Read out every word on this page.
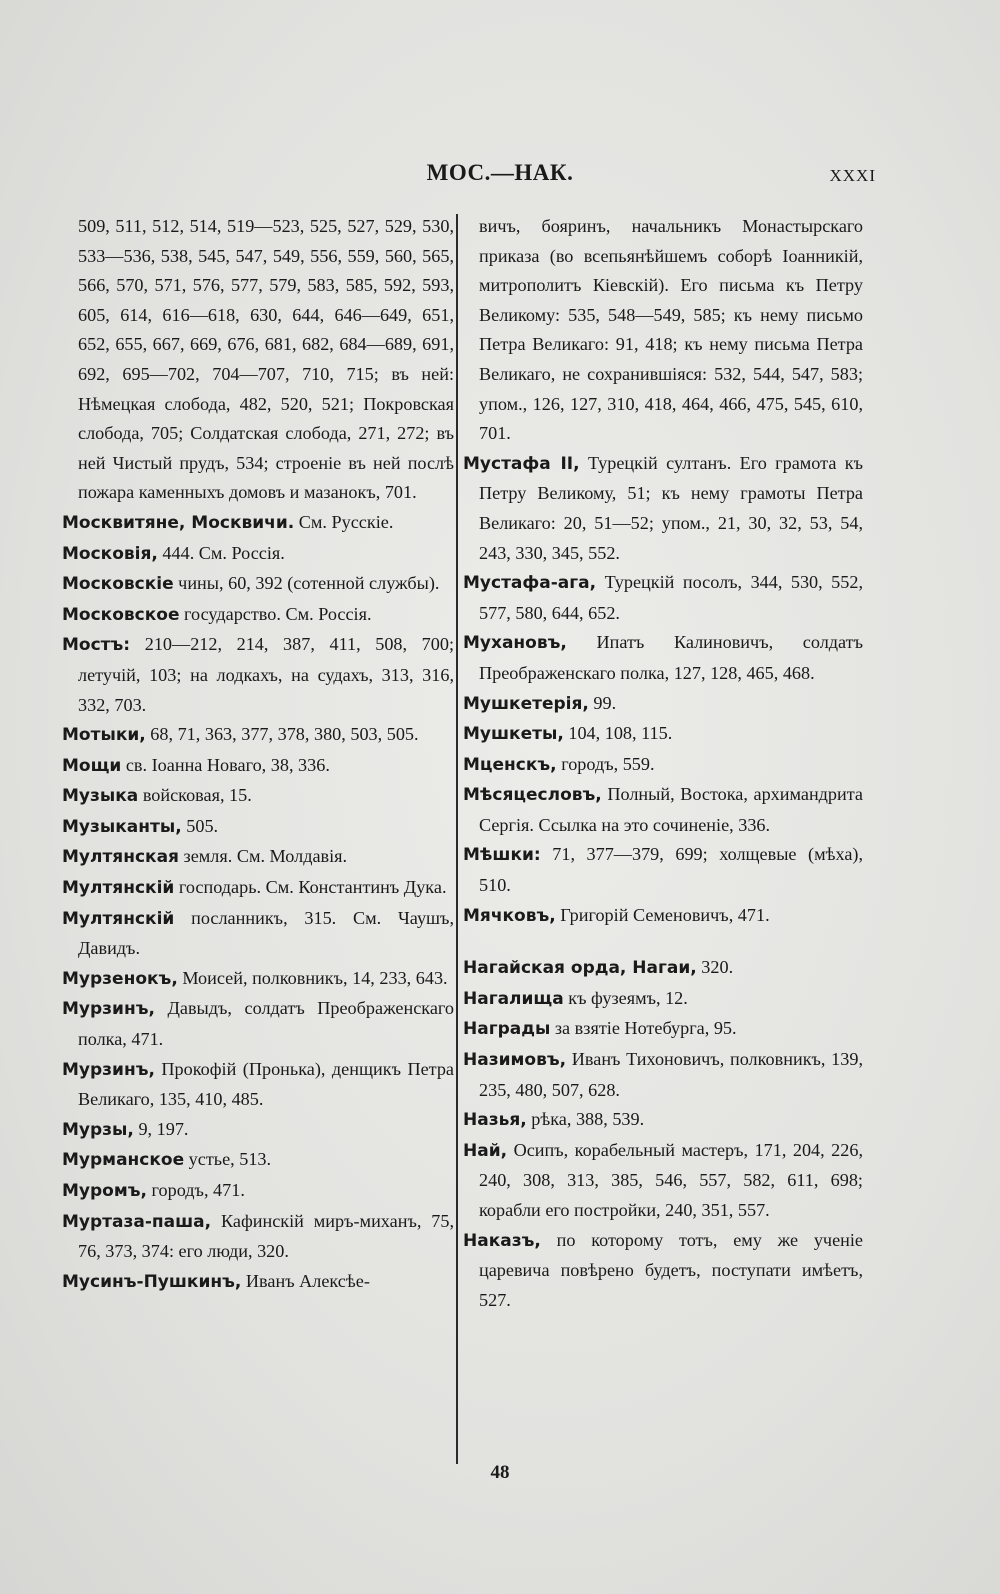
МОС.—НАК.	XXXI
509, 511, 512, 514, 519—523, 525, 527, 529, 530, 533—536, 538, 545, 547, 549, 556, 559, 560, 565, 566, 570, 571, 576, 577, 579, 583, 585, 592, 593, 605, 614, 616—618, 630, 644, 646—649, 651, 652, 655, 667, 669, 676, 681, 682, 684—689, 691, 692, 695—702, 704—707, 710, 715; въ ней: Нѣмецкая слобода, 482, 520, 521; Покровская слобода, 705; Солдатская слобода, 271, 272; въ ней Чистый прудъ, 534; строеніе въ ней послѣ пожара каменныхъ домовъ и мазанокъ, 701.
Москвитяне, Москвичи. См. Русскіе.
Московія, 444. См. Россія.
Московскіе чины, 60, 392 (сотенной службы).
Московское государство. См. Россія.
Мостъ: 210—212, 214, 387, 411, 508, 700; летучій, 103; на лодкахъ, на судахъ, 313, 316, 332, 703.
Мотыки, 68, 71, 363, 377, 378, 380, 503, 505.
Мощи св. Іоанна Новаго, 38, 336.
Музыка войсковая, 15.
Музыканты, 505.
Мултянская земля. См. Молдавія.
Мултянскій господарь. См. Константинъ Дука.
Мултянскій посланникъ, 315. См. Чаушъ, Давидъ.
Мурзенокъ, Моисей, полковникъ, 14, 233, 643.
Мурзинъ, Давыдъ, солдатъ Преображенскаго полка, 471.
Мурзинъ, Прокофій (Пронька), денщикъ Петра Великаго, 135, 410, 485.
Мурзы, 9, 197.
Мурманское устье, 513.
Муромъ, городъ, 471.
Муртаза-паша, Кафинскій миръ-миханъ, 75, 76, 373, 374: его люди, 320.
Мусинъ-Пушкинъ, Иванъ Алексѣе-
вичъ, бояринъ, начальникъ Монастырскаго приказа (во всепьянѣйшемъ соборѣ Іоанникій, митрополитъ Кіевскій). Его письма къ Петру Великому: 535, 548—549, 585; къ нему письмо Петра Великаго: 91, 418; къ нему письма Петра Великаго, не сохранившіяся: 532, 544, 547, 583; упом., 126, 127, 310, 418, 464, 466, 475, 545, 610, 701.
Мустафа II, Турецкій султанъ. Его грамота къ Петру Великому, 51; къ нему грамоты Петра Великаго: 20, 51—52; упом., 21, 30, 32, 53, 54, 243, 330, 345, 552.
Мустафа-ага, Турецкій посолъ, 344, 530, 552, 577, 580, 644, 652.
Мухановъ, Ипатъ Калиновичъ, солдатъ Преображенскаго полка, 127, 128, 465, 468.
Мушкетерія, 99.
Мушкеты, 104, 108, 115.
Мценскъ, городъ, 559.
Мѣсяцесловъ, Полный, Востока, архимандрита Сергія. Ссылка на это сочиненіе, 336.
Мѣшки: 71, 377—379, 699; холщевые (мѣха), 510.
Мячковъ, Григорій Семеновичъ, 471.
Нагайская орда, Нагаи, 320.
Нагалища къ фузеямъ, 12.
Награды за взятіе Нотебурга, 95.
Назимовъ, Иванъ Тихоновичъ, полковникъ, 139, 235, 480, 507, 628.
Назья, рѣка, 388, 539.
Най, Осипъ, корабельный мастеръ, 171, 204, 226, 240, 308, 313, 385, 546, 557, 582, 611, 698; корабли его постройки, 240, 351, 557.
Наказъ, по которому тотъ, ему же ученіе царевича повѣрено будетъ, поступати имѣетъ, 527.
48
